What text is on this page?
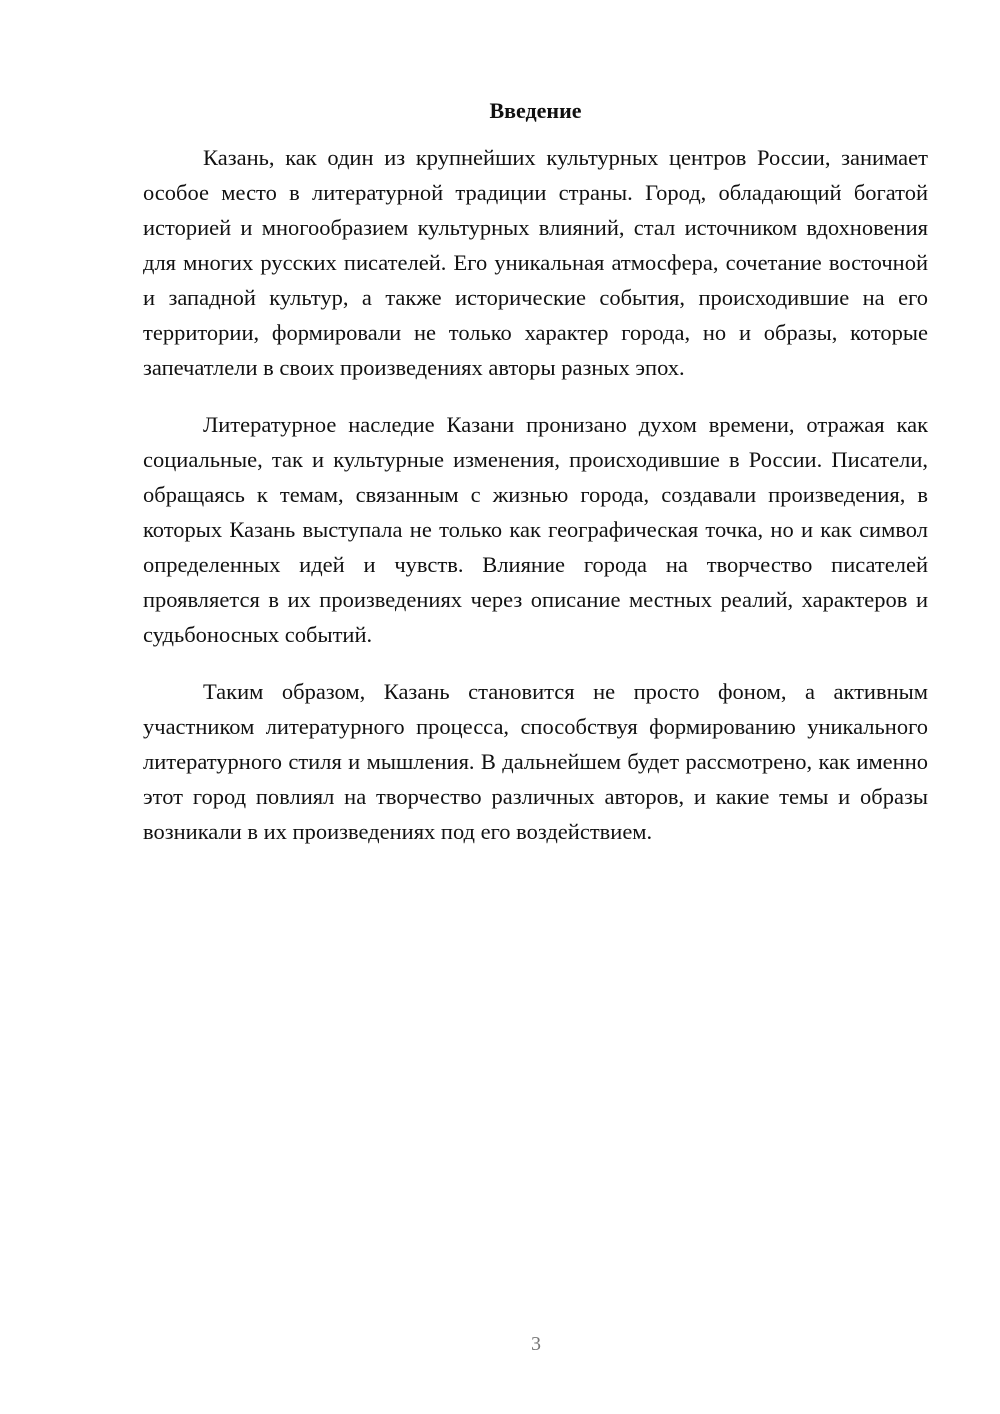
Введение

Казань, как один из крупнейших культурных центров России, занимает особое место в литературной традиции страны. Город, обладающий богатой историей и многообразием культурных влияний, стал источником вдохновения для многих русских писателей. Его уникальная атмосфера, сочетание восточной и западной культур, а также исторические события, происходившие на его территории, формировали не только характер города, но и образы, которые запечатлели в своих произведениях авторы разных эпох.

Литературное наследие Казани пронизано духом времени, отражая как социальные, так и культурные изменения, происходившие в России. Писатели, обращаясь к темам, связанным с жизнью города, создавали произведения, в которых Казань выступала не только как географическая точка, но и как символ определенных идей и чувств. Влияние города на творчество писателей проявляется в их произведениях через описание местных реалий, характеров и судьбоносных событий.

Таким образом, Казань становится не просто фоном, а активным участником литературного процесса, способствуя формированию уникального литературного стиля и мышления. В дальнейшем будет рассмотрено, как именно этот город повлиял на творчество различных авторов, и какие темы и образы возникали в их произведениях под его воздействием.

3
